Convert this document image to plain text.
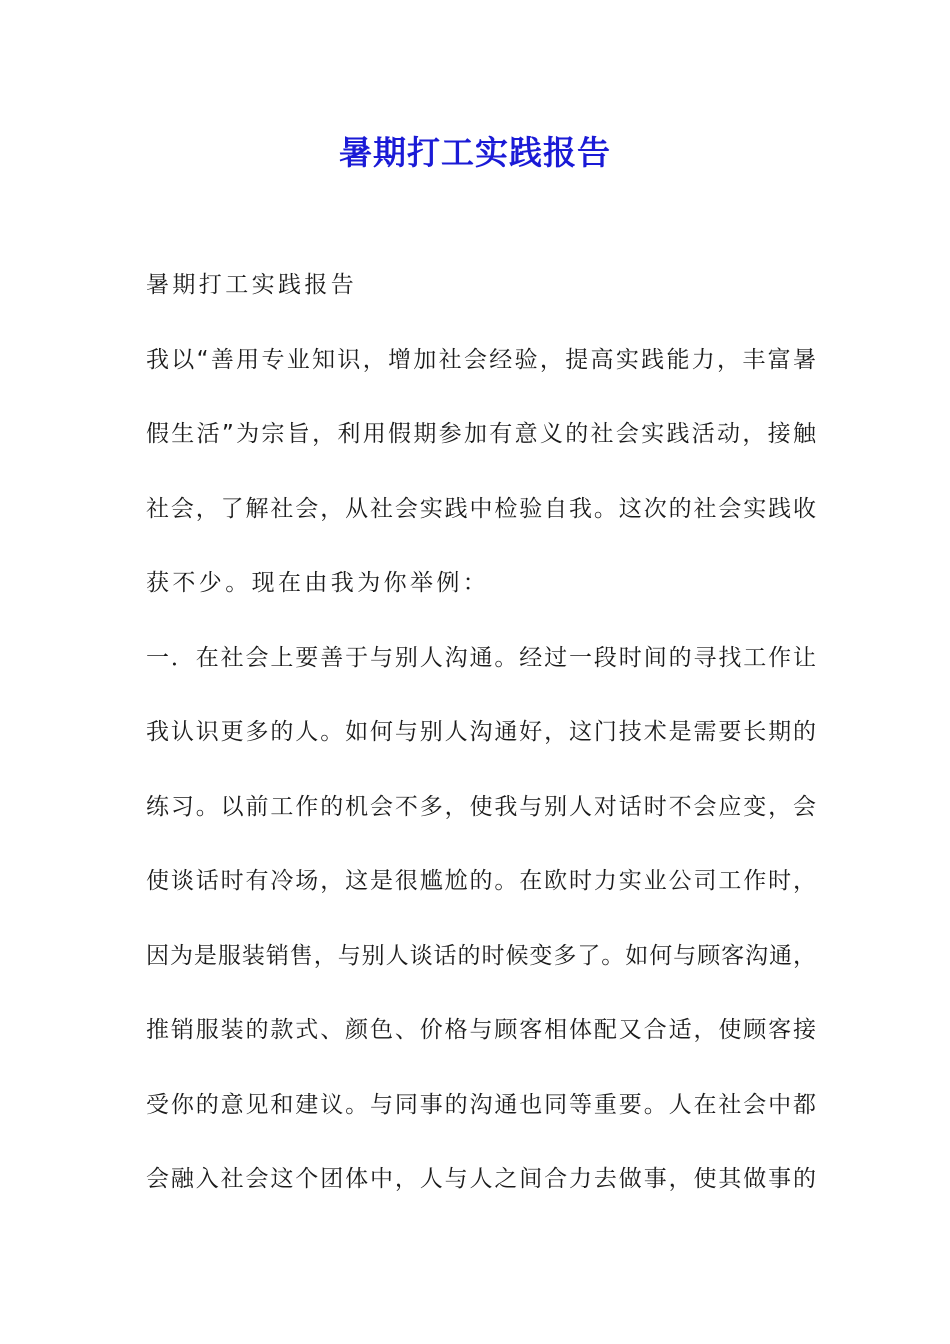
暑期打工实践报告
暑期打工实践报告
我以“善用专业知识，增加社会经验，提高实践能力，丰富暑
假生活”为宗旨，利用假期参加有意义的社会实践活动，接触
社会，了解社会，从社会实践中检验自我。这次的社会实践收
获不少。现在由我为你举例：
一．在社会上要善于与别人沟通。经过一段时间的寻找工作让
我认识更多的人。如何与别人沟通好，这门技术是需要长期的
练习。以前工作的机会不多，使我与别人对话时不会应变，会
使谈话时有冷场，这是很尴尬的。在欧时力实业公司工作时，
因为是服装销售，与别人谈话的时候变多了。如何与顾客沟通，
推销服装的款式、颜色、价格与顾客相体配又合适，使顾客接
受你的意见和建议。与同事的沟通也同等重要。人在社会中都
会融入社会这个团体中，人与人之间合力去做事，使其做事的
